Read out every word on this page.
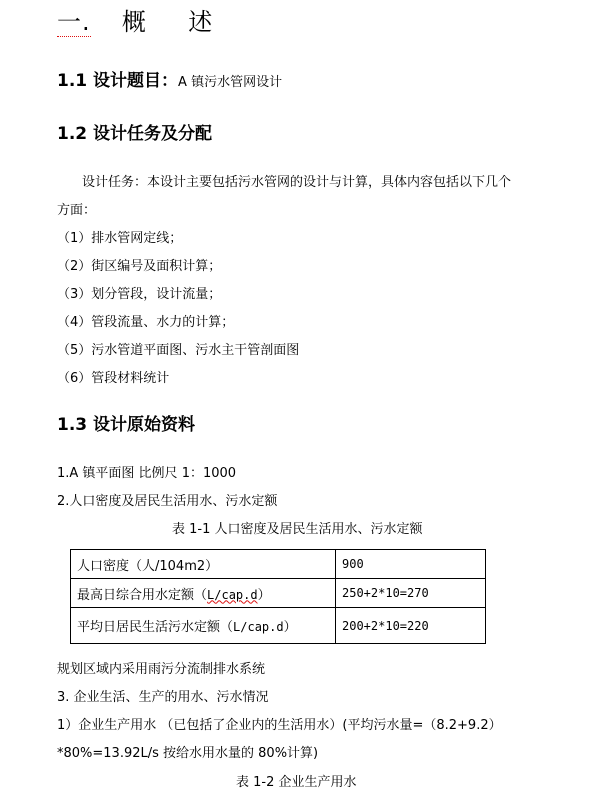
一. 概 述
1.1 设计题目：A 镇污水管网设计
1.2 设计任务及分配
设计任务：本设计主要包括污水管网的设计与计算，具体内容包括以下几个
方面：
（1）排水管网定线；
（2）街区编号及面积计算；
（3）划分管段，设计流量；
（4）管段流量、水力的计算；
（5）污水管道平面图、污水主干管剖面图
（6）管段材料统计
1.3 设计原始资料
1.A 镇平面图 比例尺 1：1000
2.人口密度及居民生活用水、污水定额
表 1-1 人口密度及居民生活用水、污水定额
人口密度（人/104m2）	900
最高日综合用水定额（L/cap.d）	250+2*10=270
平均日居民生活污水定额（L/cap.d）	200+2*10=220
规划区域内采用雨污分流制排水系统
3. 企业生活、生产的用水、污水情况
1）企业生产用水 （已包括了企业内的生活用水）(平均污水量=（8.2+9.2）
*80%=13.92L/s 按给水用水量的 80%计算)
表 1-2 企业生产用水
